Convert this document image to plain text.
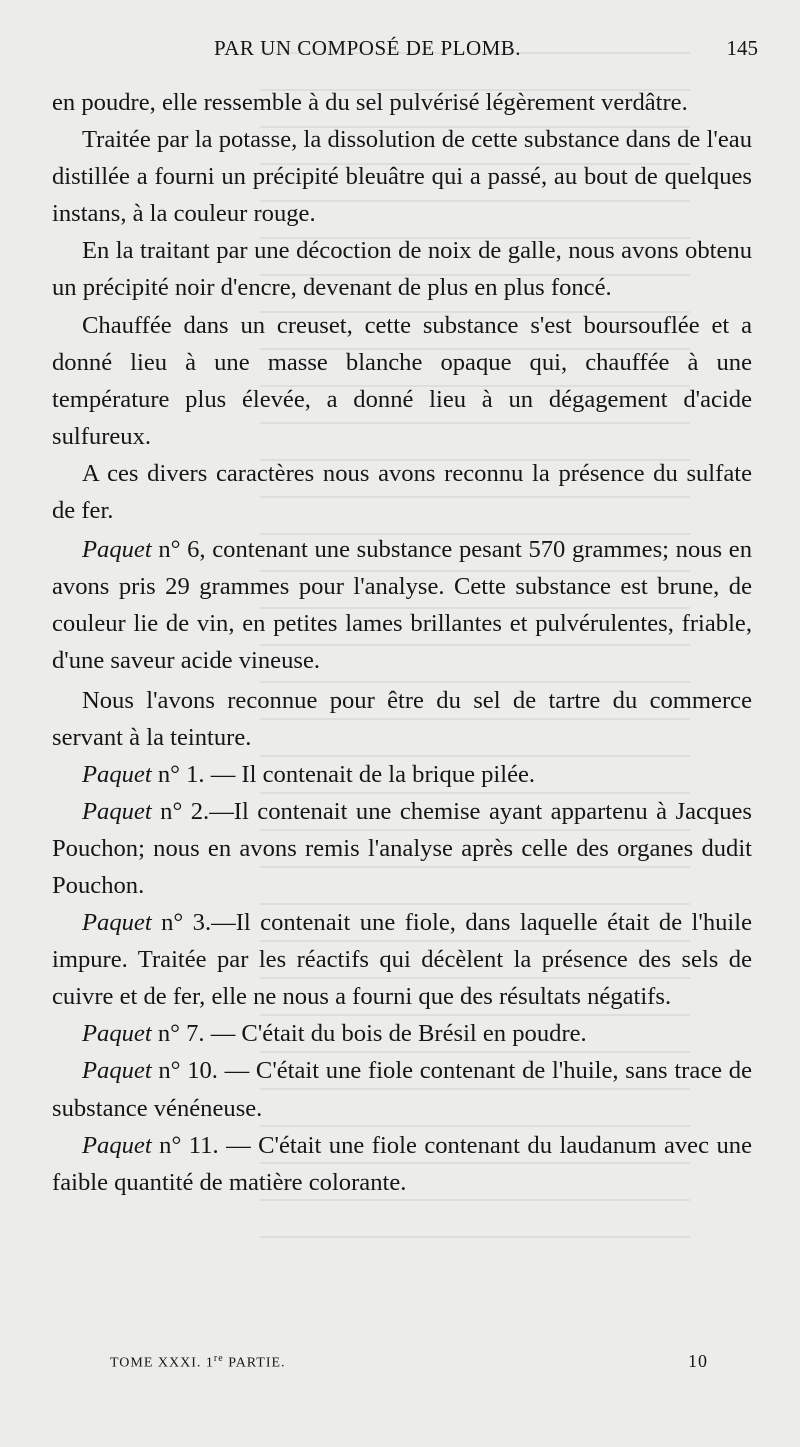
PAR UN COMPOSÉ DE PLOMB.	145

en poudre, elle ressemble à du sel pulvérisé légèrement verdâtre.

Traitée par la potasse, la dissolution de cette substance dans de l'eau distillée a fourni un précipité bleuâtre qui a passé, au bout de quelques instans, à la couleur rouge.

En la traitant par une décoction de noix de galle, nous avons obtenu un précipité noir d'encre, devenant de plus en plus foncé.

Chauffée dans un creuset, cette substance s'est boursouflée et a donné lieu à une masse blanche opaque qui, chauffée à une température plus élevée, a donné lieu à un dégagement d'acide sulfureux.

A ces divers caractères nous avons reconnu la présence du sulfate de fer.

Paquet n° 6, contenant une substance pesant 570 grammes; nous en avons pris 29 grammes pour l'analyse. Cette substance est brune, de couleur lie de vin, en petites lames brillantes et pulvérulentes, friable, d'une saveur acide vineuse.

Nous l'avons reconnue pour être du sel de tartre du commerce servant à la teinture.

Paquet n° 1. — Il contenait de la brique pilée.

Paquet n° 2.—Il contenait une chemise ayant appartenu à Jacques Pouchon; nous en avons remis l'analyse après celle des organes dudit Pouchon.

Paquet n° 3.—Il contenait une fiole, dans laquelle était de l'huile impure. Traitée par les réactifs qui décèlent la présence des sels de cuivre et de fer, elle ne nous a fourni que des résultats négatifs.

Paquet n° 7. — C'était du bois de Brésil en poudre.

Paquet n° 10. — C'était une fiole contenant de l'huile, sans trace de substance vénéneuse.

Paquet n° 11. — C'était une fiole contenant du laudanum avec une faible quantité de matière colorante.

TOME XXXI. 1re PARTIE.	10
